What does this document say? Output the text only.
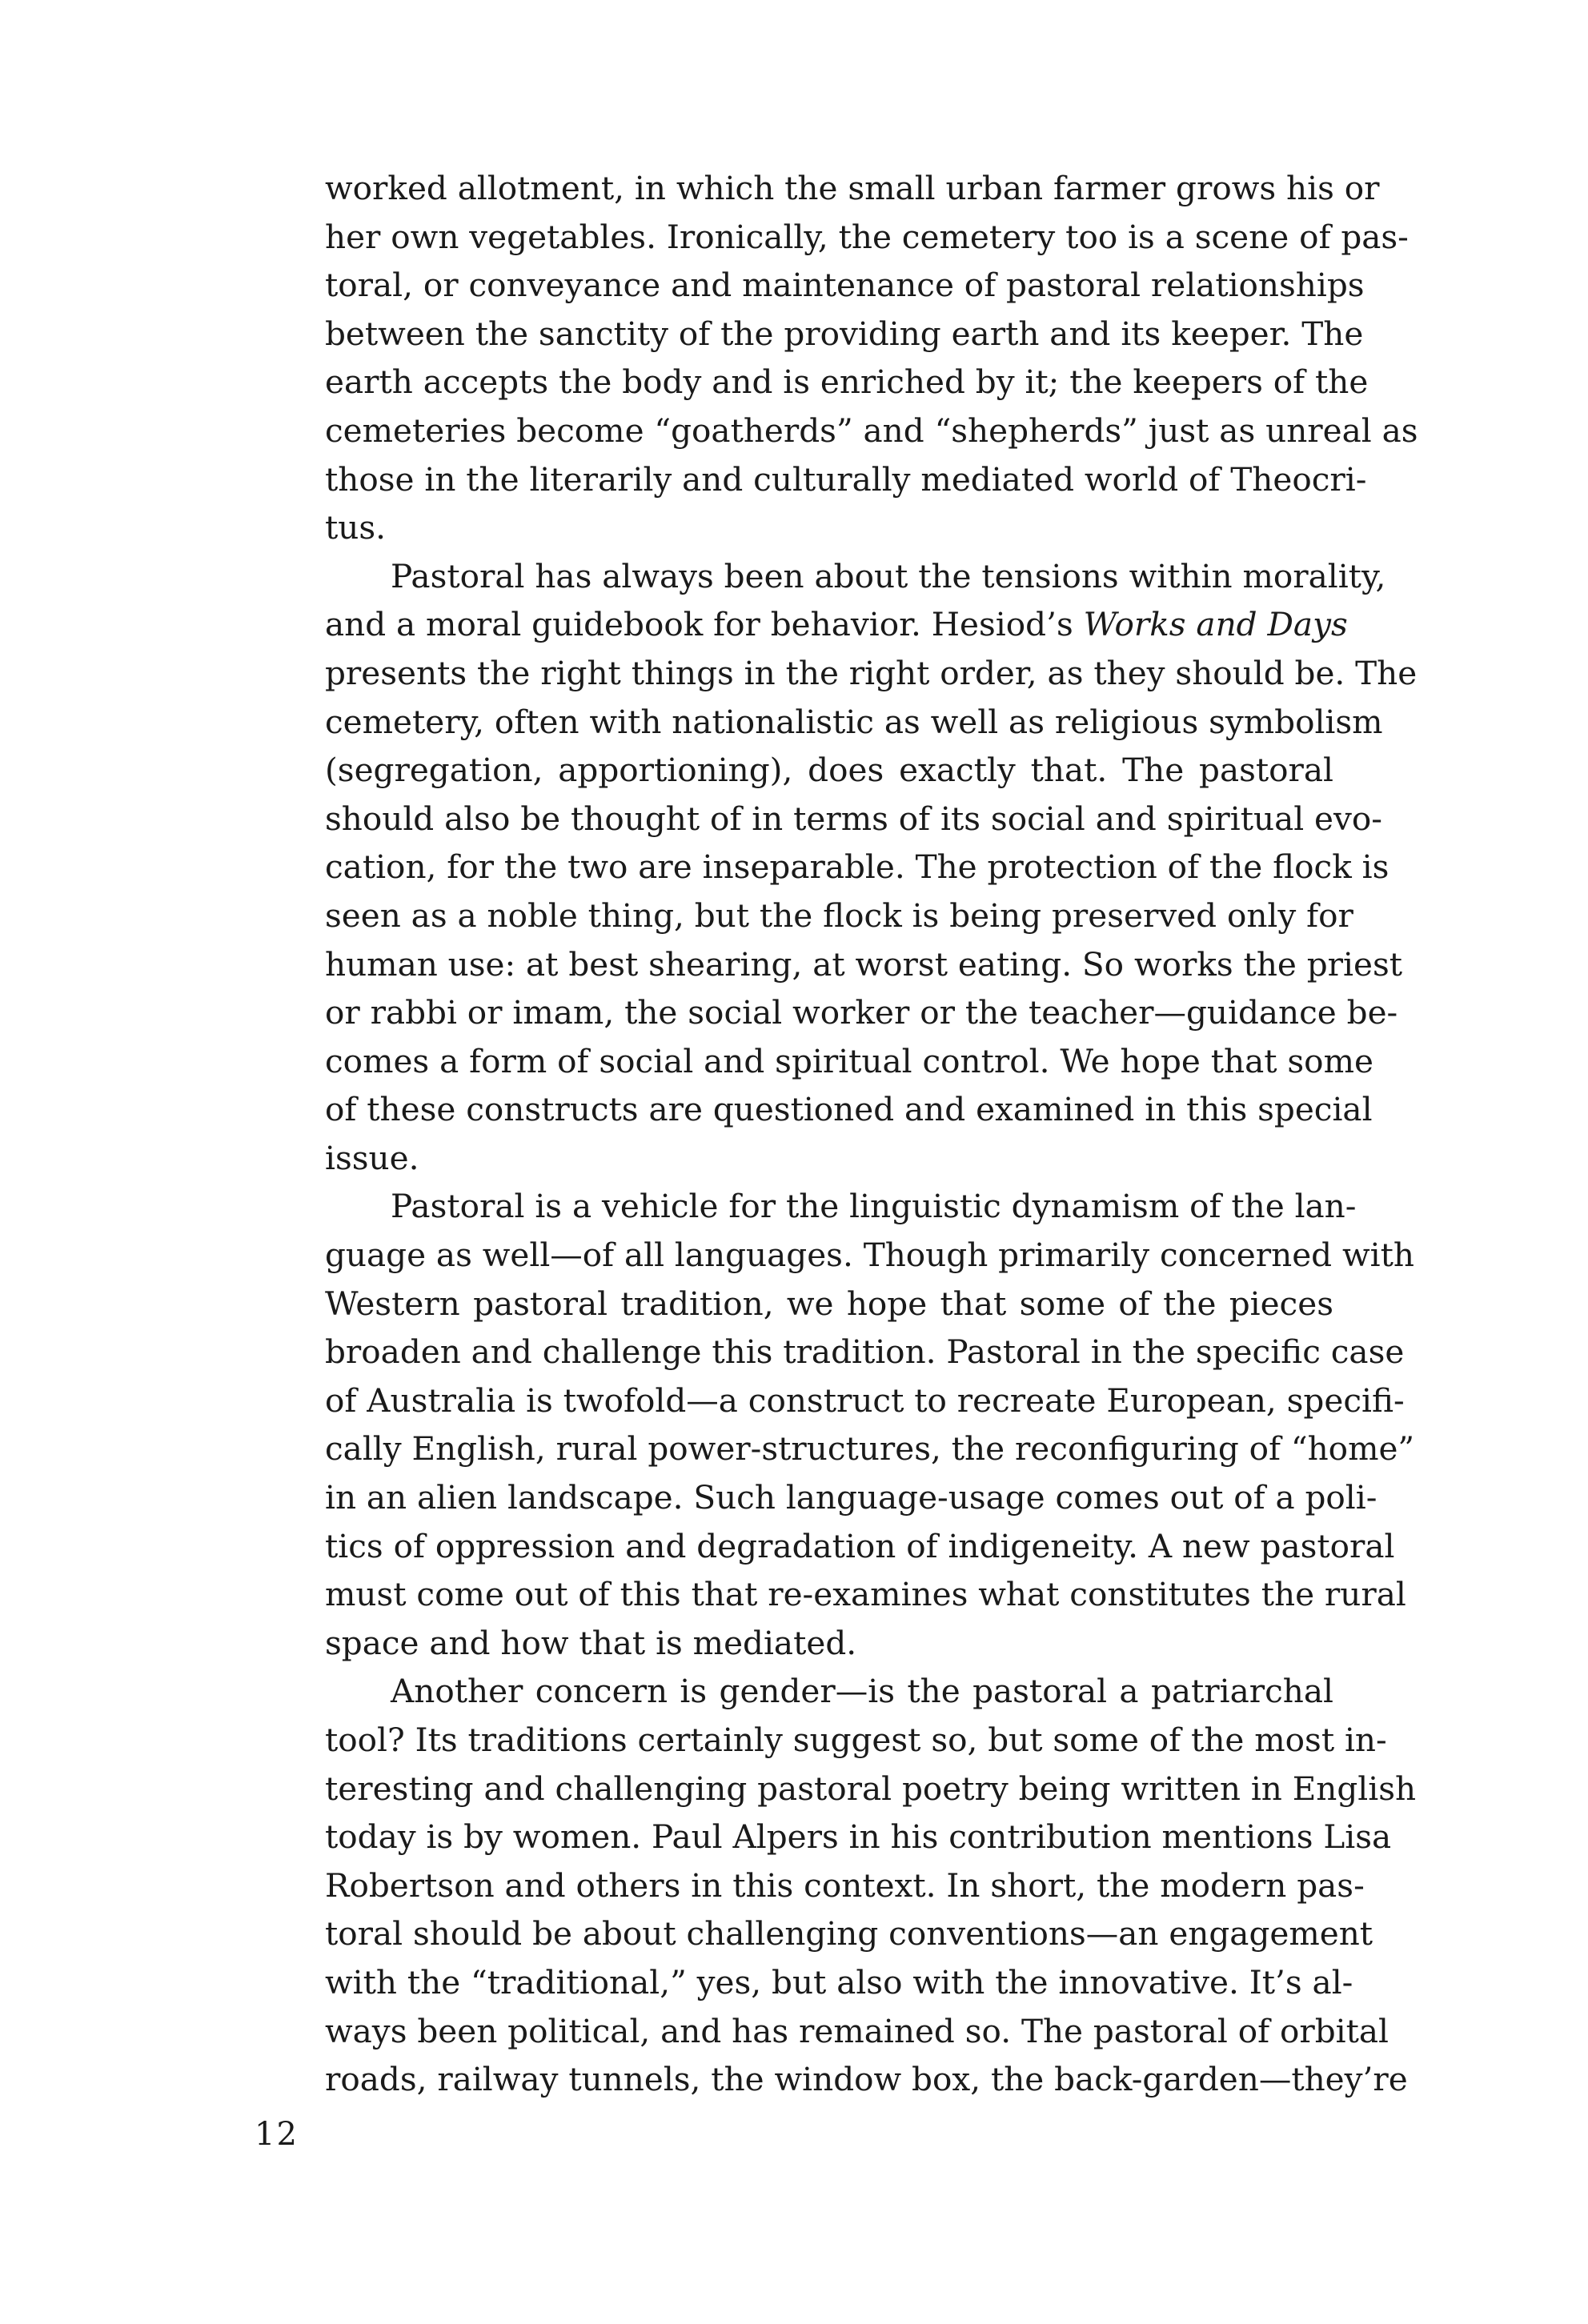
worked allotment, in which the small urban farmer grows his or
her own vegetables. Ironically, the cemetery too is a scene of pas-
toral, or conveyance and maintenance of pastoral relationships
between the sanctity of the providing earth and its keeper. The
earth accepts the body and is enriched by it; the keepers of the
cemeteries become “goatherds” and “shepherds” just as unreal as
those in the literarily and culturally mediated world of Theocri-
tus.
Pastoral has always been about the tensions within morality,
and a moral guidebook for behavior. Hesiod’s Works and Days
presents the right things in the right order, as they should be. The
cemetery, often with nationalistic as well as religious symbolism
(segregation, apportioning), does exactly that. The pastoral
should also be thought of in terms of its social and spiritual evo-
cation, for the two are inseparable. The protection of the flock is
seen as a noble thing, but the flock is being preserved only for
human use: at best shearing, at worst eating. So works the priest
or rabbi or imam, the social worker or the teacher—guidance be-
comes a form of social and spiritual control. We hope that some
of these constructs are questioned and examined in this special
issue.
Pastoral is a vehicle for the linguistic dynamism of the lan-
guage as well—of all languages. Though primarily concerned with
Western pastoral tradition, we hope that some of the pieces
broaden and challenge this tradition. Pastoral in the specific case
of Australia is twofold—a construct to recreate European, specifi-
cally English, rural power-structures, the reconfiguring of “home”
in an alien landscape. Such language-usage comes out of a poli-
tics of oppression and degradation of indigeneity. A new pastoral
must come out of this that re-examines what constitutes the rural
space and how that is mediated.
Another concern is gender—is the pastoral a patriarchal
tool? Its traditions certainly suggest so, but some of the most in-
teresting and challenging pastoral poetry being written in English
today is by women. Paul Alpers in his contribution mentions Lisa
Robertson and others in this context. In short, the modern pas-
toral should be about challenging conventions—an engagement
with the “traditional,” yes, but also with the innovative. It’s al-
ways been political, and has remained so. The pastoral of orbital
roads, railway tunnels, the window box, the back-garden—they’re
12
